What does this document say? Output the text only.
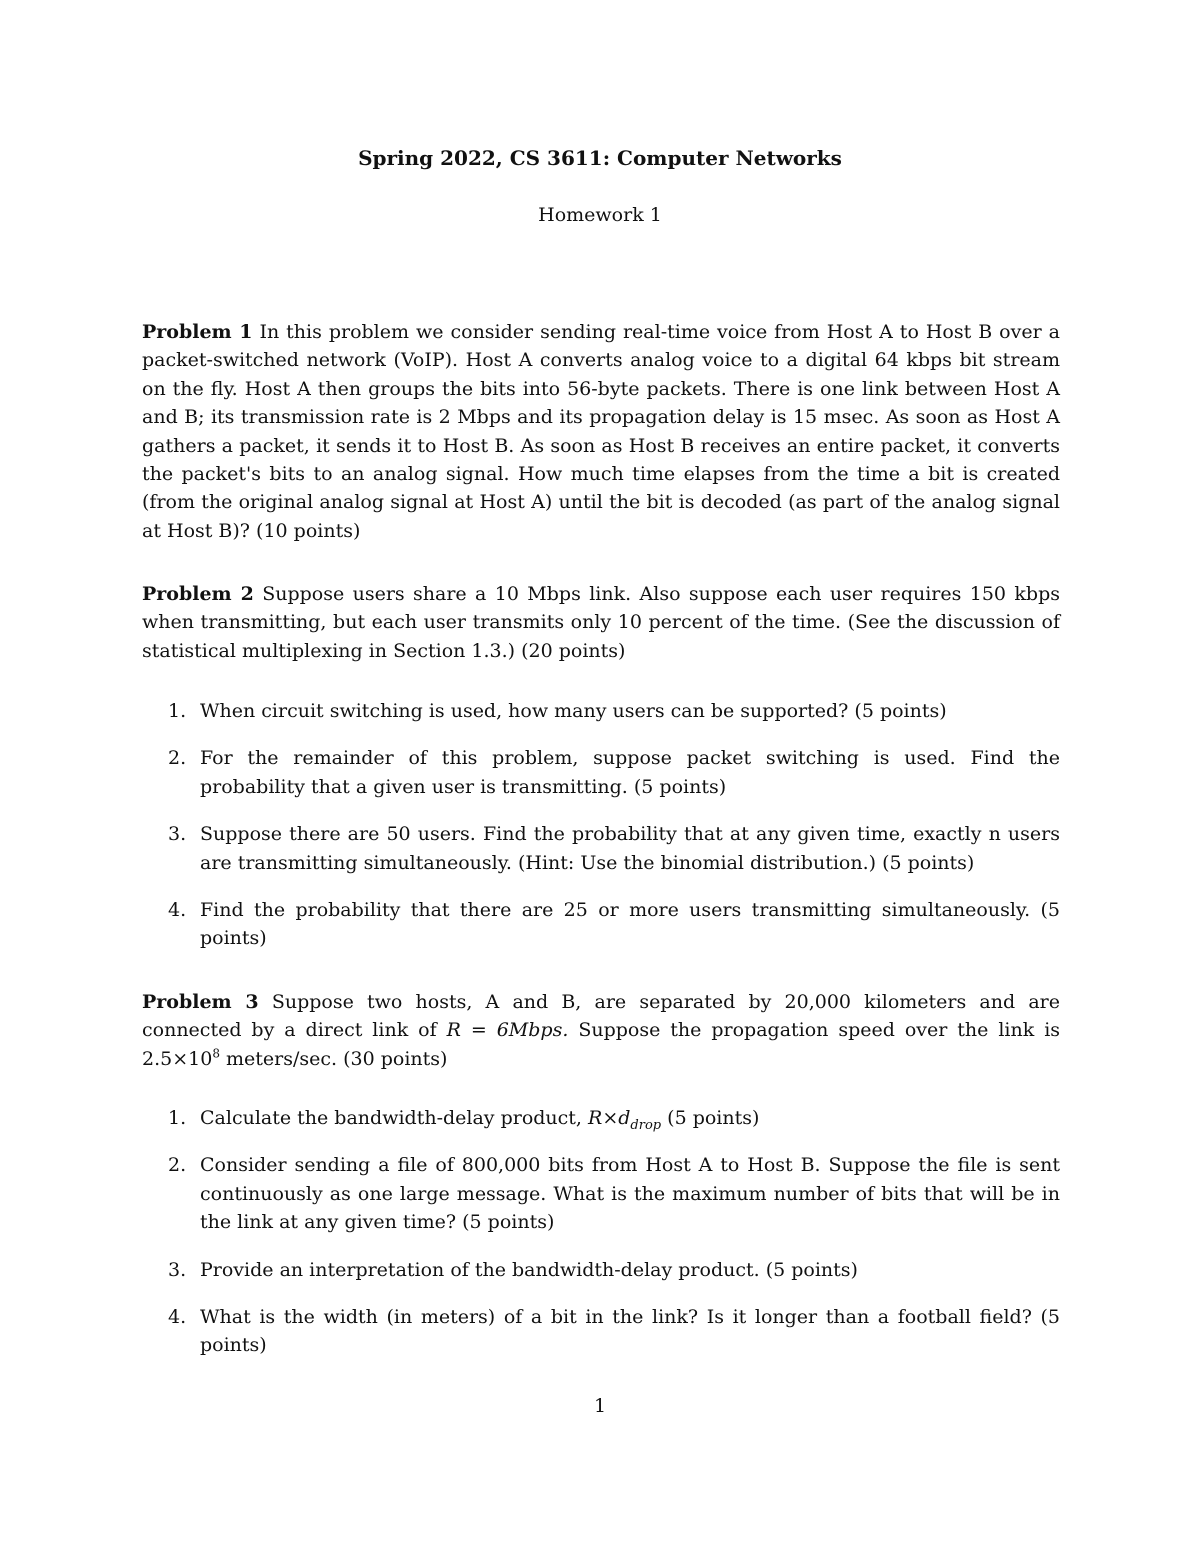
Spring 2022, CS 3611: Computer Networks
Homework 1
Problem 1 In this problem we consider sending real-time voice from Host A to Host B over a packet-switched network (VoIP). Host A converts analog voice to a digital 64 kbps bit stream on the fly. Host A then groups the bits into 56-byte packets. There is one link between Host A and B; its transmission rate is 2 Mbps and its propagation delay is 15 msec. As soon as Host A gathers a packet, it sends it to Host B. As soon as Host B receives an entire packet, it converts the packet's bits to an analog signal. How much time elapses from the time a bit is created (from the original analog signal at Host A) until the bit is decoded (as part of the analog signal at Host B)? (10 points)
Problem 2 Suppose users share a 10 Mbps link. Also suppose each user requires 150 kbps when transmitting, but each user transmits only 10 percent of the time. (See the discussion of statistical multiplexing in Section 1.3.) (20 points)
1. When circuit switching is used, how many users can be supported? (5 points)
2. For the remainder of this problem, suppose packet switching is used. Find the probability that a given user is transmitting. (5 points)
3. Suppose there are 50 users. Find the probability that at any given time, exactly n users are transmitting simultaneously. (Hint: Use the binomial distribution.) (5 points)
4. Find the probability that there are 25 or more users transmitting simultaneously. (5 points)
Problem 3 Suppose two hosts, A and B, are separated by 20,000 kilometers and are connected by a direct link of R = 6Mbps. Suppose the propagation speed over the link is $2.5\times 10^8$ meters/sec. (30 points)
1. Calculate the bandwidth-delay product, $R\times d_{drop}$ (5 points)
2. Consider sending a file of 800,000 bits from Host A to Host B. Suppose the file is sent continuously as one large message. What is the maximum number of bits that will be in the link at any given time? (5 points)
3. Provide an interpretation of the bandwidth-delay product. (5 points)
4. What is the width (in meters) of a bit in the link? Is it longer than a football field? (5 points)
1
